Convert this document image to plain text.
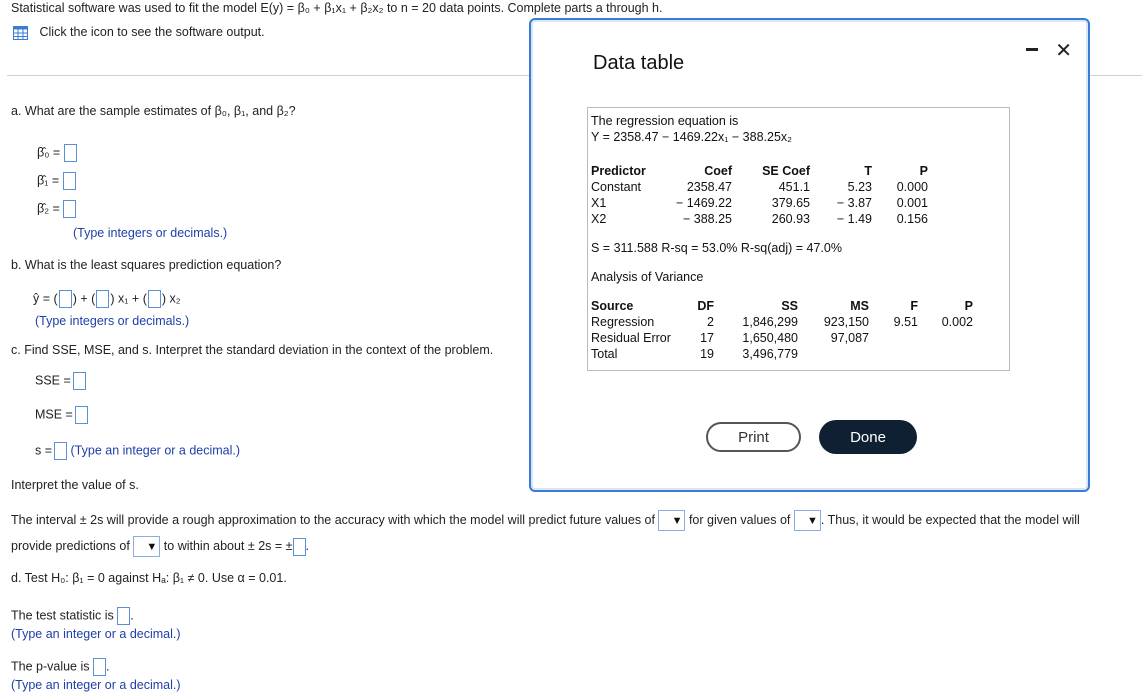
Statistical software was used to fit the model E(y) = β₀ + β₁x₁ + β₂x₂ to n = 20 data points. Complete parts a through h.
Click the icon to see the software output.
a. What are the sample estimates of β₀, β₁, and β₂?
β̂₀ =
β̂₁ =
β̂₂ =
(Type integers or decimals.)
b. What is the least squares prediction equation?
ŷ = ( ) + ( ) x₁ + ( ) x₂
(Type integers or decimals.)
c. Find SSE, MSE, and s. Interpret the standard deviation in the context of the problem.
SSE =
MSE =
s = (Type an integer or a decimal.)
Interpret the value of s.
The interval ± 2s will provide a rough approximation to the accuracy with which the model will predict future values of ▼ for given values of ▼ . Thus, it would be expected that the model will
provide predictions of ▼ to within about ± 2s = ± .
d. Test H₀: β₁ = 0 against Hₐ: β₁ ≠ 0. Use α = 0.01.
The test statistic is .
(Type an integer or a decimal.)
The p-value is .
(Type an integer or a decimal.)
Data table
✕
The regression equation is
Y = 2358.47 − 1469.22x₁ − 388.25x₂
Predictor	Coef	SE Coef	T	P
Constant	2358.47	451.1	5.23	0.000
X1	− 1469.22	379.65	− 3.87	0.001
X2	− 388.25	260.93	− 1.49	0.156
S = 311.588 R-sq = 53.0% R-sq(adj) = 47.0%
Analysis of Variance
Source	DF	SS	MS	F	P
Regression	2	1,846,299	923,150	9.51	0.002
Residual Error	17	1,650,480	97,087
Total	19	3,496,779
Print	Done
